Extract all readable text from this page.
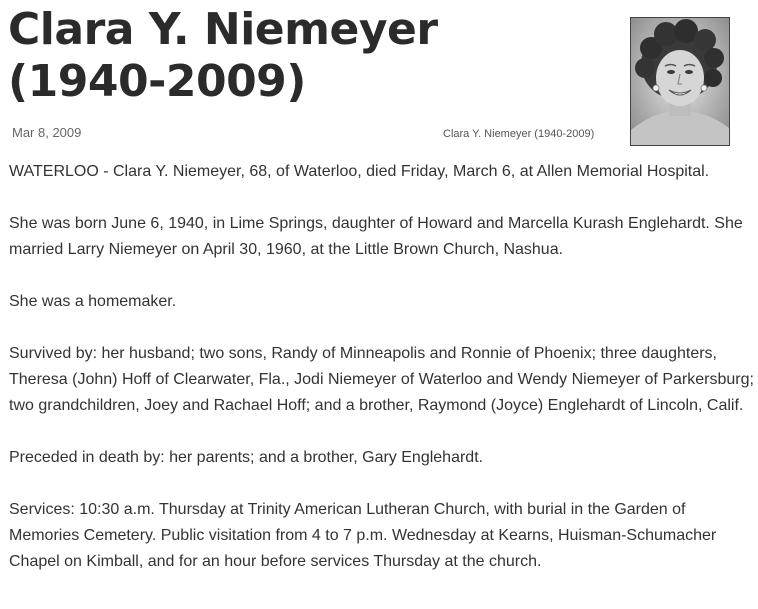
Clara Y. Niemeyer
(1940-2009)
Mar 8, 2009	Clara Y. Niemeyer (1940-2009)

WATERLOO - Clara Y. Niemeyer, 68, of Waterloo, died Friday, March 6, at Allen Memorial Hospital.

She was born June 6, 1940, in Lime Springs, daughter of Howard and Marcella Kurash Englehardt. She married Larry Niemeyer on April 30, 1960, at the Little Brown Church, Nashua.

She was a homemaker.

Survived by: her husband; two sons, Randy of Minneapolis and Ronnie of Phoenix; three daughters, Theresa (John) Hoff of Clearwater, Fla., Jodi Niemeyer of Waterloo and Wendy Niemeyer of Parkersburg; two grandchildren, Joey and Rachael Hoff; and a brother, Raymond (Joyce) Englehardt of Lincoln, Calif.

Preceded in death by: her parents; and a brother, Gary Englehardt.

Services: 10:30 a.m. Thursday at Trinity American Lutheran Church, with burial in the Garden of Memories Cemetery. Public visitation from 4 to 7 p.m. Wednesday at Kearns, Huisman-Schumacher Chapel on Kimball, and for an hour before services Thursday at the church.
